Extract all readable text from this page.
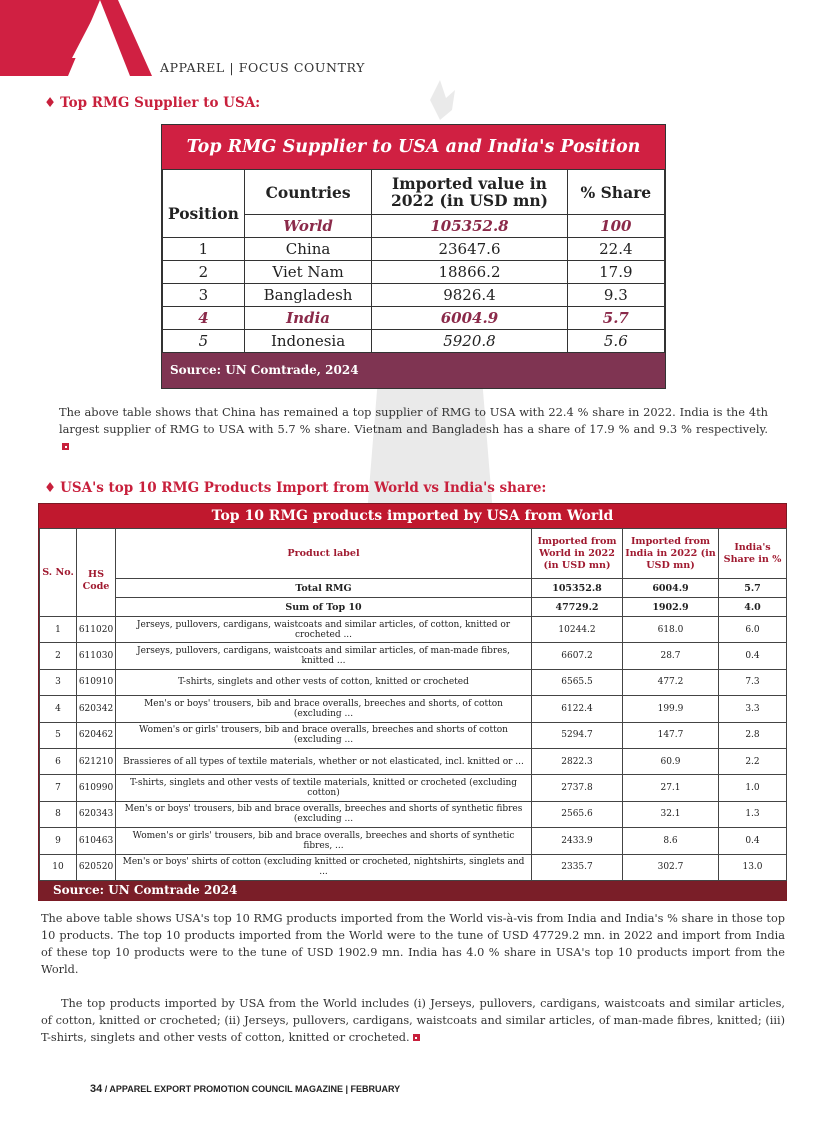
APPAREL | FOCUS COUNTRY
♦ Top RMG Supplier to USA:
Top RMG Supplier to USA and India's Position
Position	Countries	Imported value in 2022 (in USD mn)	% Share
	World	105352.8	100
1	China	23647.6	22.4
2	Viet Nam	18866.2	17.9
3	Bangladesh	9826.4	9.3
4	India	6004.9	5.7
5	Indonesia	5920.8	5.6
Source: UN Comtrade, 2024
The above table shows that China has remained a top supplier of RMG to USA with 22.4 % share in 2022. India is the 4th largest supplier of RMG to USA with 5.7 % share. Vietnam and Bangladesh has a share of 17.9 % and 9.3 % respectively.
♦ USA's top 10 RMG Products Import from World vs India's share:
Top 10 RMG products imported by USA from World
S. No.	HS Code	Product label	Imported from World in 2022 (in USD mn)	Imported from India in 2022 (in USD mn)	India's Share in %
		Total RMG	105352.8	6004.9	5.7
		Sum of Top 10	47729.2	1902.9	4.0
1	611020	Jerseys, pullovers, cardigans, waistcoats and similar articles, of cotton, knitted or crocheted ...	10244.2	618.0	6.0
2	611030	Jerseys, pullovers, cardigans, waistcoats and similar articles, of man-made fibres, knitted ...	6607.2	28.7	0.4
3	610910	T-shirts, singlets and other vests of cotton, knitted or crocheted	6565.5	477.2	7.3
4	620342	Men's or boys' trousers, bib and brace overalls, breeches and shorts, of cotton (excluding ...	6122.4	199.9	3.3
5	620462	Women's or girls' trousers, bib and brace overalls, breeches and shorts of cotton (excluding ...	5294.7	147.7	2.8
6	621210	Brassieres of all types of textile materials, whether or not elasticated, incl. knitted or ...	2822.3	60.9	2.2
7	610990	T-shirts, singlets and other vests of textile materials, knitted or crocheted (excluding cotton)	2737.8	27.1	1.0
8	620343	Men's or boys' trousers, bib and brace overalls, breeches and shorts of synthetic fibres (excluding ...	2565.6	32.1	1.3
9	610463	Women's or girls' trousers, bib and brace overalls, breeches and shorts of synthetic fibres, ...	2433.9	8.6	0.4
10	620520	Men's or boys' shirts of cotton (excluding knitted or crocheted, nightshirts, singlets and ...	2335.7	302.7	13.0
Source: UN Comtrade 2024
The above table shows USA's top 10 RMG products imported from the World vis-à-vis from India and India's % share in those top 10 products. The top 10 products imported from the World were to the tune of USD 47729.2 mn. in 2022 and import from India of these top 10 products were to the tune of USD 1902.9 mn. India has 4.0 % share in USA's top 10 products import from the World.
The top products imported by USA from the World includes (i) Jerseys, pullovers, cardigans, waistcoats and similar articles, of cotton, knitted or crocheted; (ii) Jerseys, pullovers, cardigans, waistcoats and similar articles, of man-made fibres, knitted; (iii) T-shirts, singlets and other vests of cotton, knitted or crocheted.
34 / APPAREL EXPORT PROMOTION COUNCIL MAGAZINE | FEBRUARY
